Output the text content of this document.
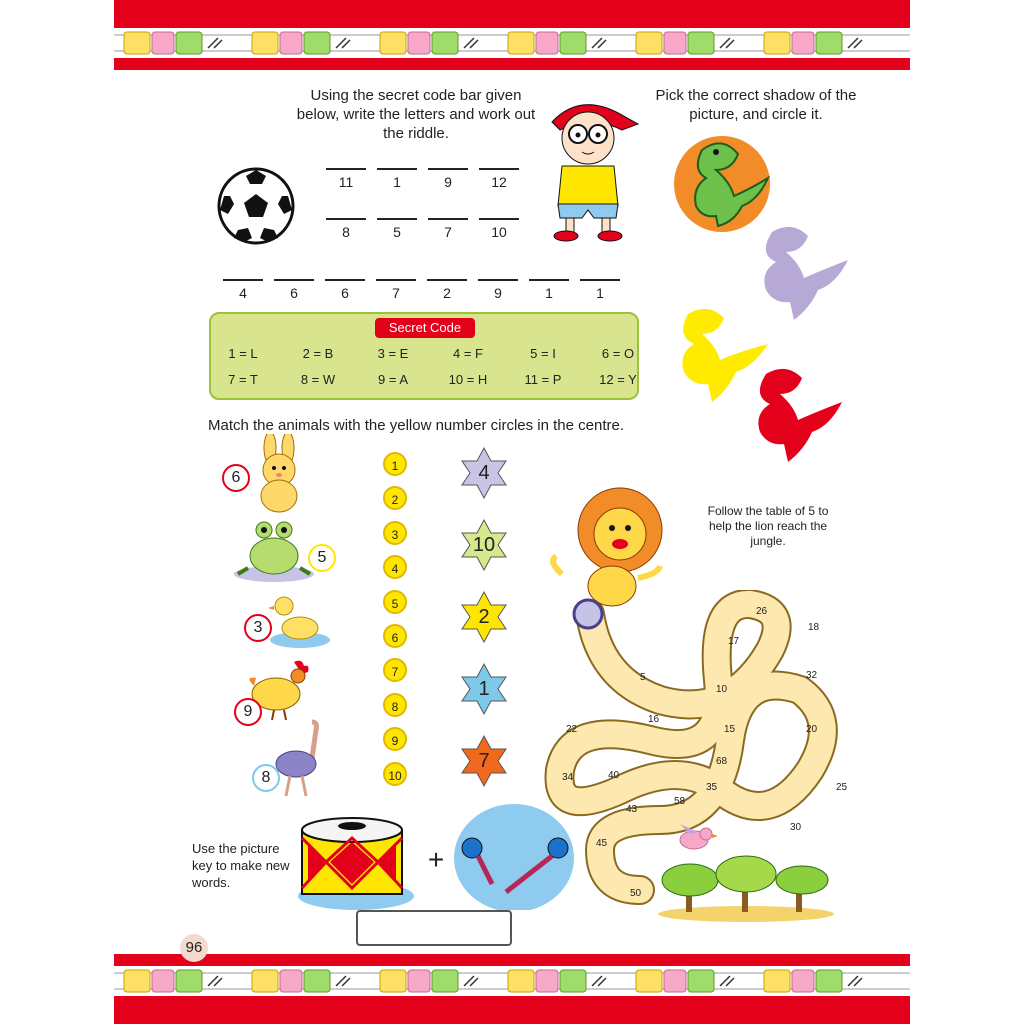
Using the secret code bar given below, write the letters and work out the riddle.
11	1	9	12
8	5	7	10
4	6	6	7	2	9	1	1
Secret Code
1 = L	2 = B	3 = E	4 = F	5 = I	6 = O
7 = T	8 = W	9 = A	10 = H	11 = P	12 = Y
Pick the correct shadow of the picture, and circle it.
Match the animals with the yellow number circles in the centre.
6
5
3
9
8
1
2
3
4
5
6
7
8
9
10
4
10
2
1
7
Follow the table of 5 to help the lion reach the jungle.
26
18
17
32
5
10
16
15	20
22
68
34	40
35	25
58
43
30
45
50
Use the picture key to make new words.
+
96
